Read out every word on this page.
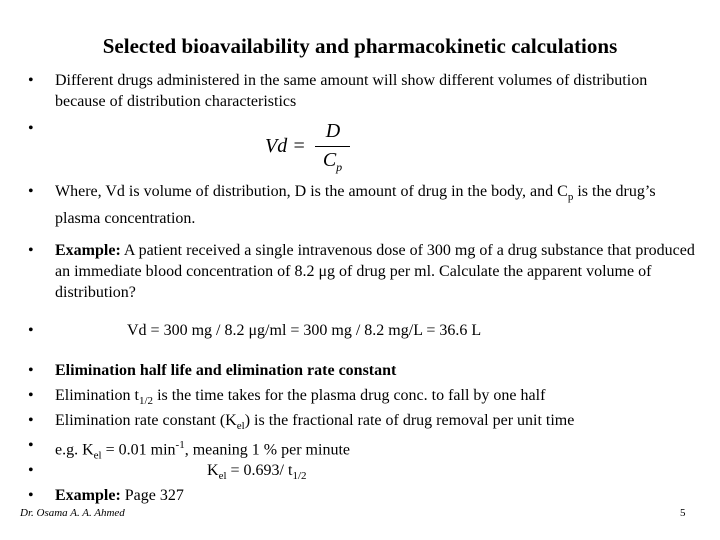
Selected bioavailability and pharmacokinetic calculations
•
•
•
•
•
•
•
•
•
•
•
Different drugs administered in the same amount will show different volumes of distribution because of distribution characteristics
Vd =
D
$C_p$
Where, Vd is volume of distribution, D is the amount of drug in the body, and $C_p$ is the drug’s plasma concentration.
Example: A patient received a single intravenous dose of 300 mg of a drug substance that produced an immediate blood concentration of 8.2 μg of drug per ml. Calculate the apparent volume of distribution?
Vd = 300 mg / 8.2 μg/ml = 300 mg / 8.2 mg/L = 36.6 L
Elimination half life and elimination rate constant
Elimination $t_{1/2}$ is the time takes for the plasma drug conc. to fall by one half
Elimination rate constant $(K_{el})$ is the fractional rate of drug removal per unit time
e.g. $K_{el} = 0.01$ $\min^{-1}$, meaning 1 % per minute
$K_{el} = 0.693/$ $t_{1/2}$
Example: Page 327
Dr. Osama A. A. Ahmed	5
